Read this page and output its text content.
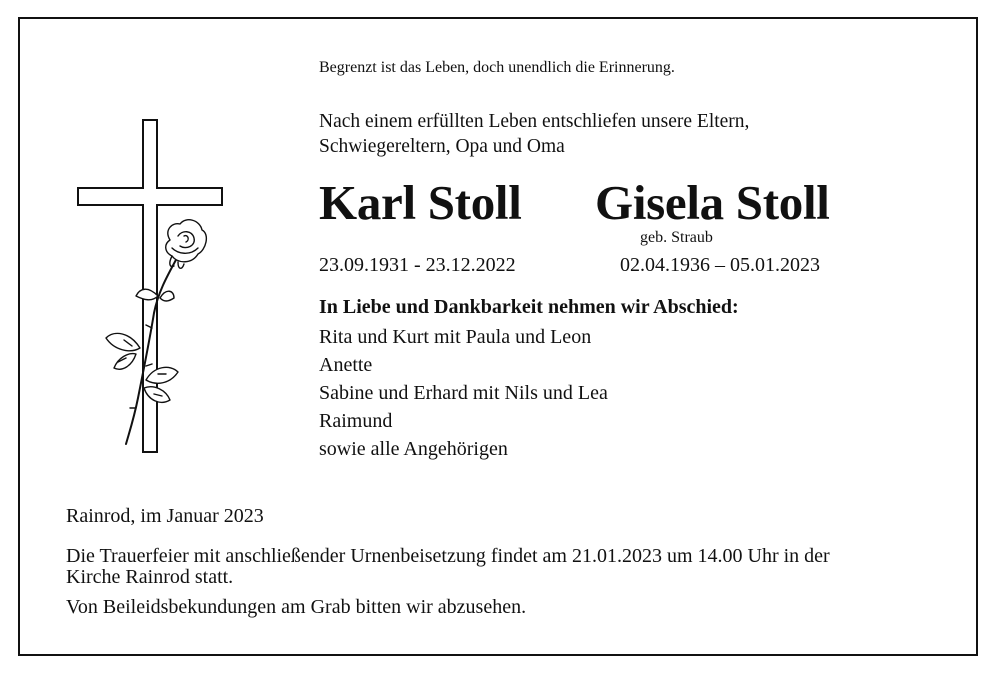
Begrenzt ist das Leben, doch unendlich die Erinnerung.

Nach einem erfüllten Leben entschliefen unsere Eltern,
Schwiegereltern, Opa und Oma

Karl Stoll Gisela Stoll

geb. Straub

23.09.1931 - 23.12.2022	02.04.1936 – 05.01.2023

In Liebe und Dankbarkeit nehmen wir Abschied:

Rita und Kurt mit Paula und Leon
Anette
Sabine und Erhard mit Nils und Lea
Raimund
sowie alle Angehörigen

Rainrod, im Januar 2023

Die Trauerfeier mit anschließender Urnenbeisetzung findet am 21.01.2023 um 14.00 Uhr in der
Kirche Rainrod statt.

Von Beileidsbekundungen am Grab bitten wir abzusehen.
